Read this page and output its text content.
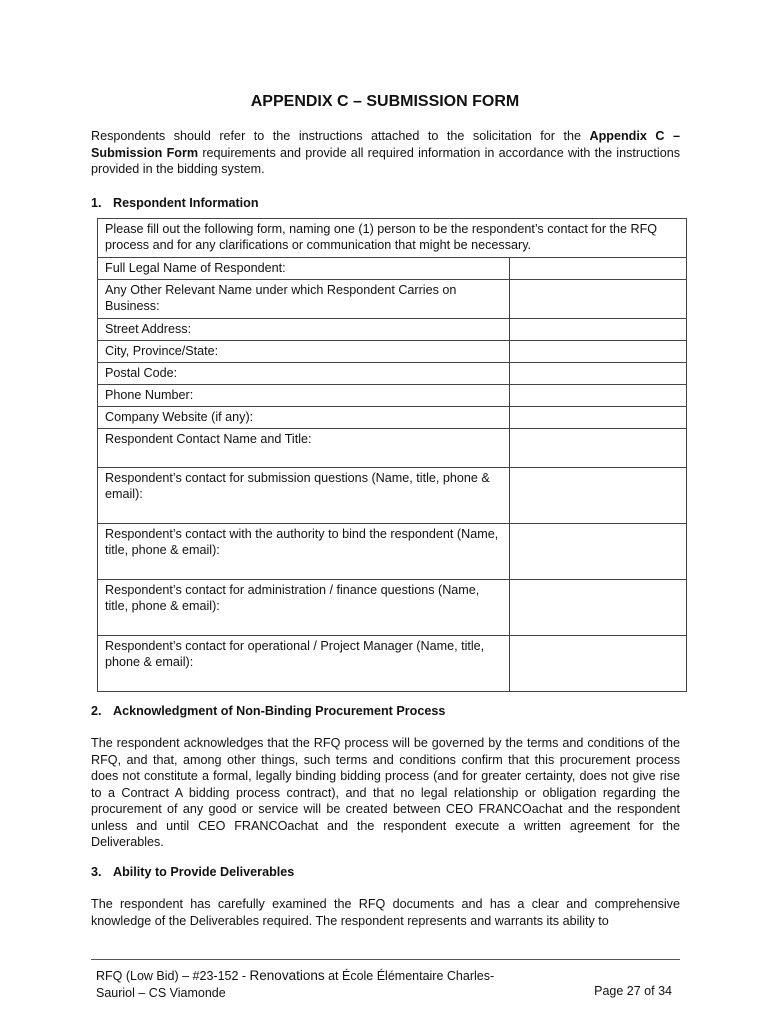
APPENDIX C – SUBMISSION FORM
Respondents should refer to the instructions attached to the solicitation for the Appendix C – Submission Form requirements and provide all required information in accordance with the instructions provided in the bidding system.
1. Respondent Information
Please fill out the following form, naming one (1) person to be the respondent’s contact for the RFQ process and for any clarifications or communication that might be necessary.	
Full Legal Name of Respondent:	
Any Other Relevant Name under which Respondent Carries on Business:	
Street Address:	
City, Province/State:	
Postal Code:	
Phone Number:	
Company Website (if any):	
Respondent Contact Name and Title:	
Respondent’s contact for submission questions (Name, title, phone & email):	
Respondent’s contact with the authority to bind the respondent (Name, title, phone & email):	
Respondent’s contact for administration / finance questions (Name, title, phone & email):	
Respondent’s contact for operational / Project Manager (Name, title, phone & email):	
2. Acknowledgment of Non-Binding Procurement Process
The respondent acknowledges that the RFQ process will be governed by the terms and conditions of the RFQ, and that, among other things, such terms and conditions confirm that this procurement process does not constitute a formal, legally binding bidding process (and for greater certainty, does not give rise to a Contract A bidding process contract), and that no legal relationship or obligation regarding the procurement of any good or service will be created between CEO FRANCOachat and the respondent unless and until CEO FRANCOachat and the respondent execute a written agreement for the Deliverables.
3. Ability to Provide Deliverables
The respondent has carefully examined the RFQ documents and has a clear and comprehensive knowledge of the Deliverables required. The respondent represents and warrants its ability to
RFQ (Low Bid) – #23-152 - Renovations at École Élémentaire Charles-
Sauriol – CS Viamonde	Page 27 of 34
